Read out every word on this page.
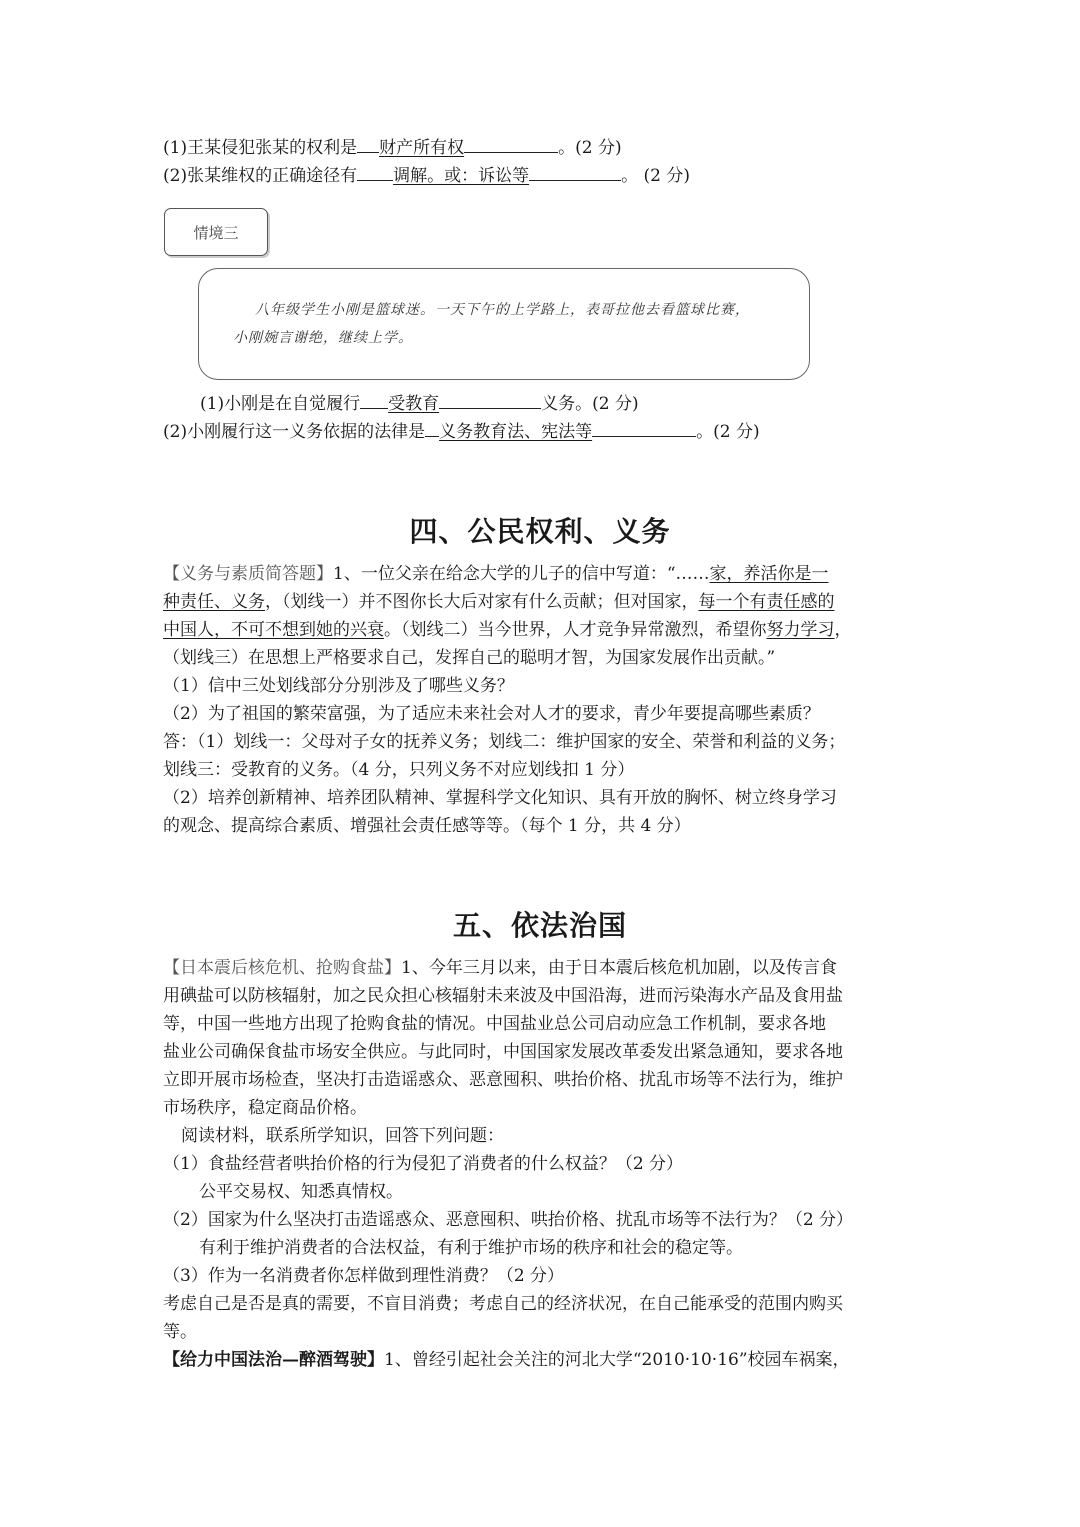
(1)王某侵犯张某的权利是 财产所有权	。(2 分)
(2)张某维权的正确途径有 调解。或：诉讼等	。 (2 分)
情境三

八年级学生小刚是篮球迷。一天下午的上学路上，表哥拉他去看篮球比赛，

小刚婉言谢绝，继续上学。

(1)小刚是在自觉履行 受教育	义务。(2 分)
(2)小刚履行这一义务依据的法律是 义务教育法、宪法等	。(2 分)
四、公民权利、义务
【义务与素质简答题】1、一位父亲在给念大学的儿子的信中写道：“……家，养活你是一
种责任、义务，（划线一）并不图你长大后对家有什么贡献；但对国家，每一个有责任感的
中国人，不可不想到她的兴衰。（划线二）当今世界，人才竞争异常激烈，希望你努力学习，
（划线三）在思想上严格要求自己，发挥自己的聪明才智，为国家发展作出贡献。”
（1）信中三处划线部分分别涉及了哪些义务？
（2）为了祖国的繁荣富强，为了适应未来社会对人才的要求，青少年要提高哪些素质？
答：（1）划线一：父母对子女的抚养义务；划线二：维护国家的安全、荣誉和利益的义务；
划线三：受教育的义务。（4 分，只列义务不对应划线扣 1 分）
（2）培养创新精神、培养团队精神、掌握科学文化知识、具有开放的胸怀、树立终身学习
的观念、提高综合素质、增强社会责任感等等。（每个 1 分，共 4 分）
五、依法治国
【日本震后核危机、抢购食盐】1、今年三月以来，由于日本震后核危机加剧，以及传言食
用碘盐可以防核辐射，加之民众担心核辐射未来波及中国沿海，进而污染海水产品及食用盐
等，中国一些地方出现了抢购食盐的情况。中国盐业总公司启动应急工作机制，要求各地
盐业公司确保食盐市场安全供应。与此同时，中国国家发展改革委发出紧急通知，要求各地
立即开展市场检查，坚决打击造谣惑众、恶意囤积、哄抬价格、扰乱市场等不法行为，维护
市场秩序，稳定商品价格。
阅读材料，联系所学知识，回答下列问题：
（1）食盐经营者哄抬价格的行为侵犯了消费者的什么权益？（2 分）
公平交易权、知悉真情权。
（2）国家为什么坚决打击造谣惑众、恶意囤积、哄抬价格、扰乱市场等不法行为？（2 分）
有利于维护消费者的合法权益，有利于维护市场的秩序和社会的稳定等。
（3）作为一名消费者你怎样做到理性消费？（2 分）
考虑自己是否是真的需要，不盲目消费；考虑自己的经济状况，在自己能承受的范围内购买
等。
【给力中国法治—醉酒驾驶】1、曾经引起社会关注的河北大学“2010·10·16”校园车祸案，
